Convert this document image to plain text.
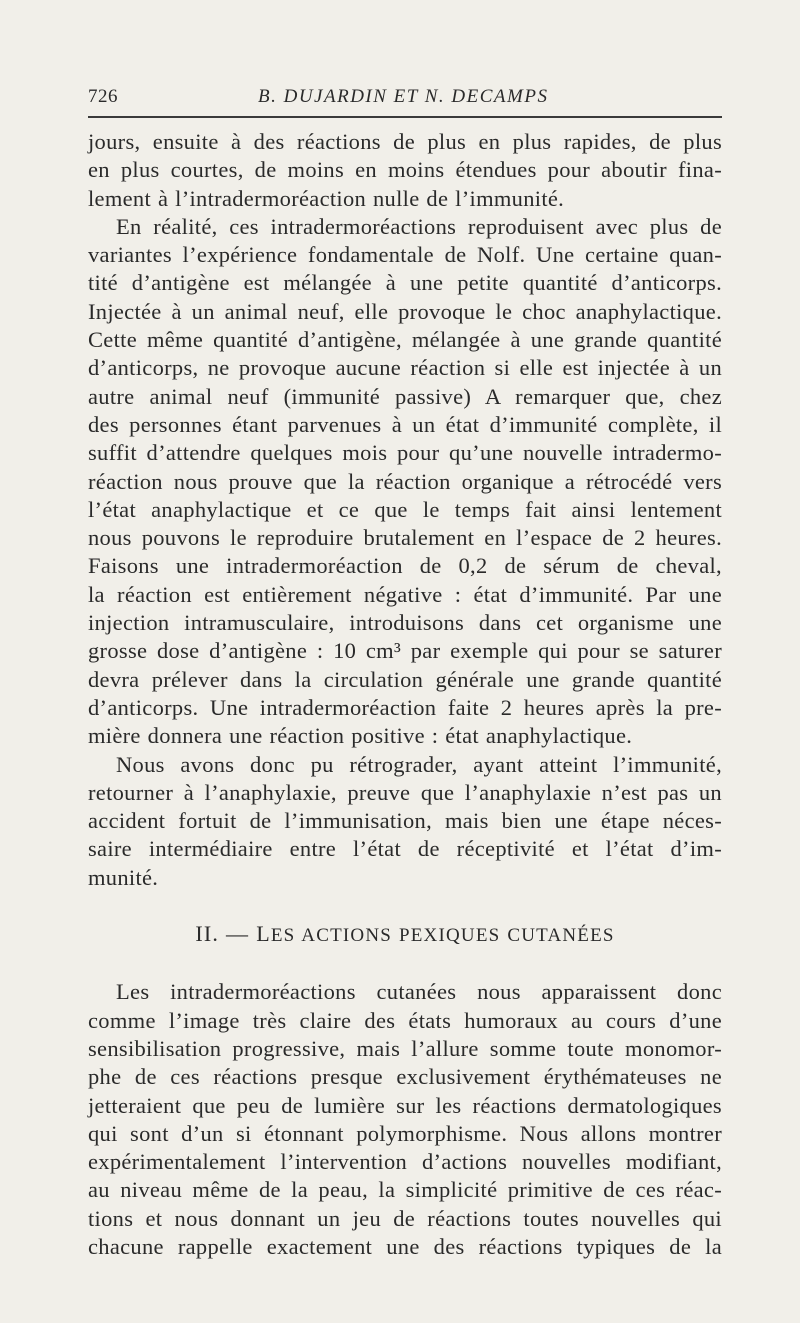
726	B. DUJARDIN ET N. DECAMPS
jours, ensuite à des réactions de plus en plus rapides, de plus
en plus courtes, de moins en moins étendues pour aboutir fina-
lement à l’intradermoréaction nulle de l’immunité.
En réalité, ces intradermoréactions reproduisent avec plus de
variantes l’expérience fondamentale de Nolf. Une certaine quan-
tité d’antigène est mélangée à une petite quantité d’anticorps.
Injectée à un animal neuf, elle provoque le choc anaphylactique.
Cette même quantité d’antigène, mélangée à une grande quantité
d’anticorps, ne provoque aucune réaction si elle est injectée à un
autre animal neuf (immunité passive) A remarquer que, chez
des personnes étant parvenues à un état d’immunité complète, il
suffit d’attendre quelques mois pour qu’une nouvelle intradermo-
réaction nous prouve que la réaction organique a rétrocédé vers
l’état anaphylactique et ce que le temps fait ainsi lentement
nous pouvons le reproduire brutalement en l’espace de 2 heures.
Faisons une intradermoréaction de 0,2 de sérum de cheval,
la réaction est entièrement négative : état d’immunité. Par une
injection intramusculaire, introduisons dans cet organisme une
grosse dose d’antigène : 10 cm³ par exemple qui pour se saturer
devra prélever dans la circulation générale une grande quantité
d’anticorps. Une intradermoréaction faite 2 heures après la pre-
mière donnera une réaction positive : état anaphylactique.
Nous avons donc pu rétrograder, ayant atteint l’immunité,
retourner à l’anaphylaxie, preuve que l’anaphylaxie n’est pas un
accident fortuit de l’immunisation, mais bien une étape néces-
saire intermédiaire entre l’état de réceptivité et l’état d’im-
munité.
II. — LES ACTIONS PEXIQUES CUTANÉES
Les intradermoréactions cutanées nous apparaissent donc
comme l’image très claire des états humoraux au cours d’une
sensibilisation progressive, mais l’allure somme toute monomor-
phe de ces réactions presque exclusivement érythémateuses ne
jetteraient que peu de lumière sur les réactions dermatologiques
qui sont d’un si étonnant polymorphisme. Nous allons montrer
expérimentalement l’intervention d’actions nouvelles modifiant,
au niveau même de la peau, la simplicité primitive de ces réac-
tions et nous donnant un jeu de réactions toutes nouvelles qui
chacune rappelle exactement une des réactions typiques de la
